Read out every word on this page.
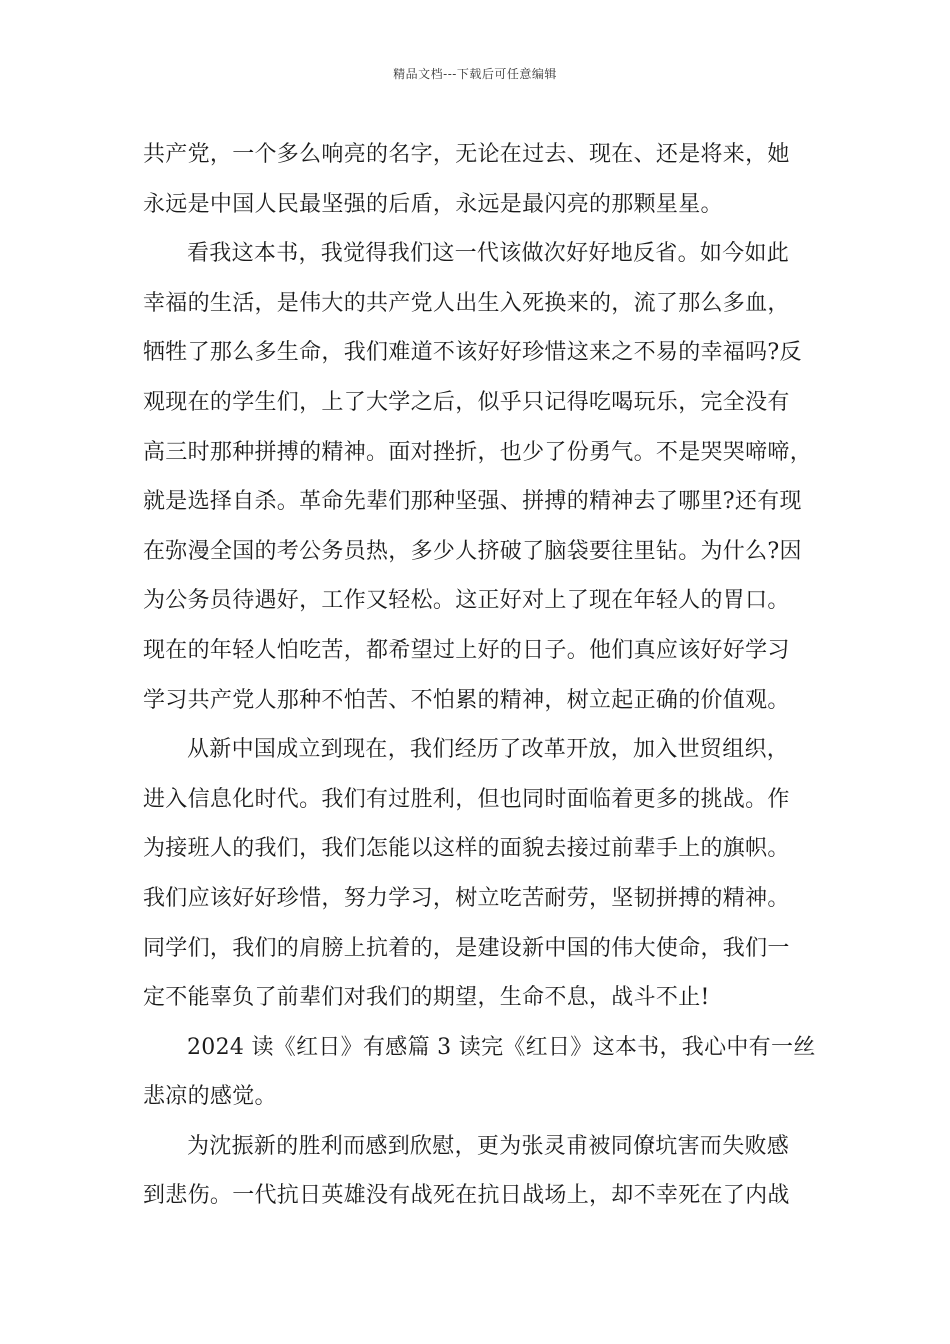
精品文档---下载后可任意编辑
共产党，一个多么响亮的名字，无论在过去、现在、还是将来，她
永远是中国人民最坚强的后盾，永远是最闪亮的那颗星星。
看我这本书，我觉得我们这一代该做次好好地反省。如今如此
幸福的生活，是伟大的共产党人出生入死换来的，流了那么多血，
牺牲了那么多生命，我们难道不该好好珍惜这来之不易的幸福吗?反
观现在的学生们，上了大学之后，似乎只记得吃喝玩乐，完全没有
高三时那种拼搏的精神。面对挫折，也少了份勇气。不是哭哭啼啼，
就是选择自杀。革命先辈们那种坚强、拼搏的精神去了哪里?还有现
在弥漫全国的考公务员热，多少人挤破了脑袋要往里钻。为什么?因
为公务员待遇好，工作又轻松。这正好对上了现在年轻人的胃口。
现在的年轻人怕吃苦，都希望过上好的日子。他们真应该好好学习
学习共产党人那种不怕苦、不怕累的精神，树立起正确的价值观。
从新中国成立到现在，我们经历了改革开放，加入世贸组织，
进入信息化时代。我们有过胜利，但也同时面临着更多的挑战。作
为接班人的我们，我们怎能以这样的面貌去接过前辈手上的旗帜。
我们应该好好珍惜，努力学习，树立吃苦耐劳，坚韧拼搏的精神。
同学们，我们的肩膀上抗着的，是建设新中国的伟大使命，我们一
定不能辜负了前辈们对我们的期望，生命不息，战斗不止!
2024 读《红日》有感篇 3 读完《红日》这本书，我心中有一丝
悲凉的感觉。
为沈振新的胜利而感到欣慰，更为张灵甫被同僚坑害而失败感
到悲伤。一代抗日英雄没有战死在抗日战场上，却不幸死在了内战
